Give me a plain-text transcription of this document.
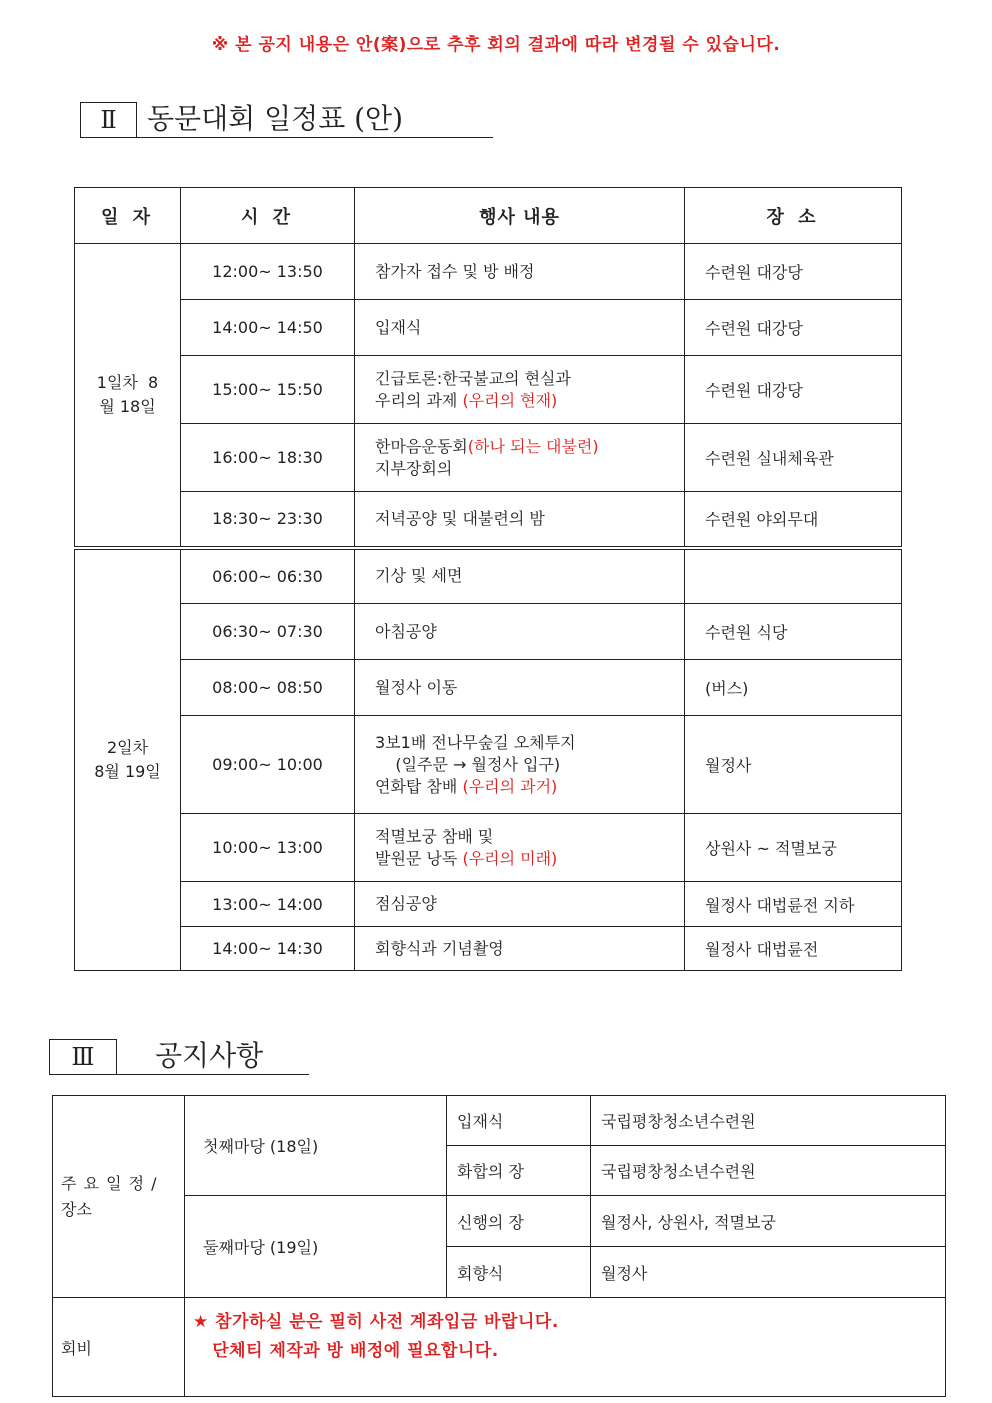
※ 본 공지 내용은 안(案)으로 추후 회의 결과에 따라 변경될 수 있습니다.
Ⅱ	동문대회 일정표 (안)
일 자	시 간	행사 내용	장 소

1일차  8
월 18일	12:00~ 13:50	참가자 접수 및 방 배정	수련원 대강당
	14:00~ 14:50	입재식	수련원 대강당
	15:00~ 15:50	긴급토론:한국불교의 현실과
우리의 과제 (우리의 현재)	수련원 대강당
	16:00~ 18:30	한마음운동회(하나 되는 대불련)
지부장회의	수련원 실내체육관
	18:30~ 23:30	저녁공양 및 대불련의 밤	수련원 야외무대

2일차
8월 19일	06:00~ 06:30	기상 및 세면	
	06:30~ 07:30	아침공양	수련원 식당
	08:00~ 08:50	월정사 이동	(버스)
	09:00~ 10:00	3보1배 전나무숲길 오체투지
(일주문 → 월정사 입구)
연화탑 참배 (우리의 과거)	월정사
	10:00~ 13:00	적멸보궁 참배 및
발원문 낭독 (우리의 미래)	상원사 ~ 적멸보궁
	13:00~ 14:00	점심공양	월정사 대법륜전 지하
	14:00~ 14:30	회향식과 기념촬영	월정사 대법륜전
Ⅲ	공지사항
주 요 일 정 /
장소	첫째마당 (18일)	입재식	국립평창청소년수련원
		화합의 장	국립평창청소년수련원
	둘째마당 (19일)	신행의 장	월정사, 상원사, 적멸보궁
		회향식	월정사
회비	★ 참가하실 분은 필히 사전 계좌입금 바랍니다.
단체티 제작과 방 배정에 필요합니다.		
